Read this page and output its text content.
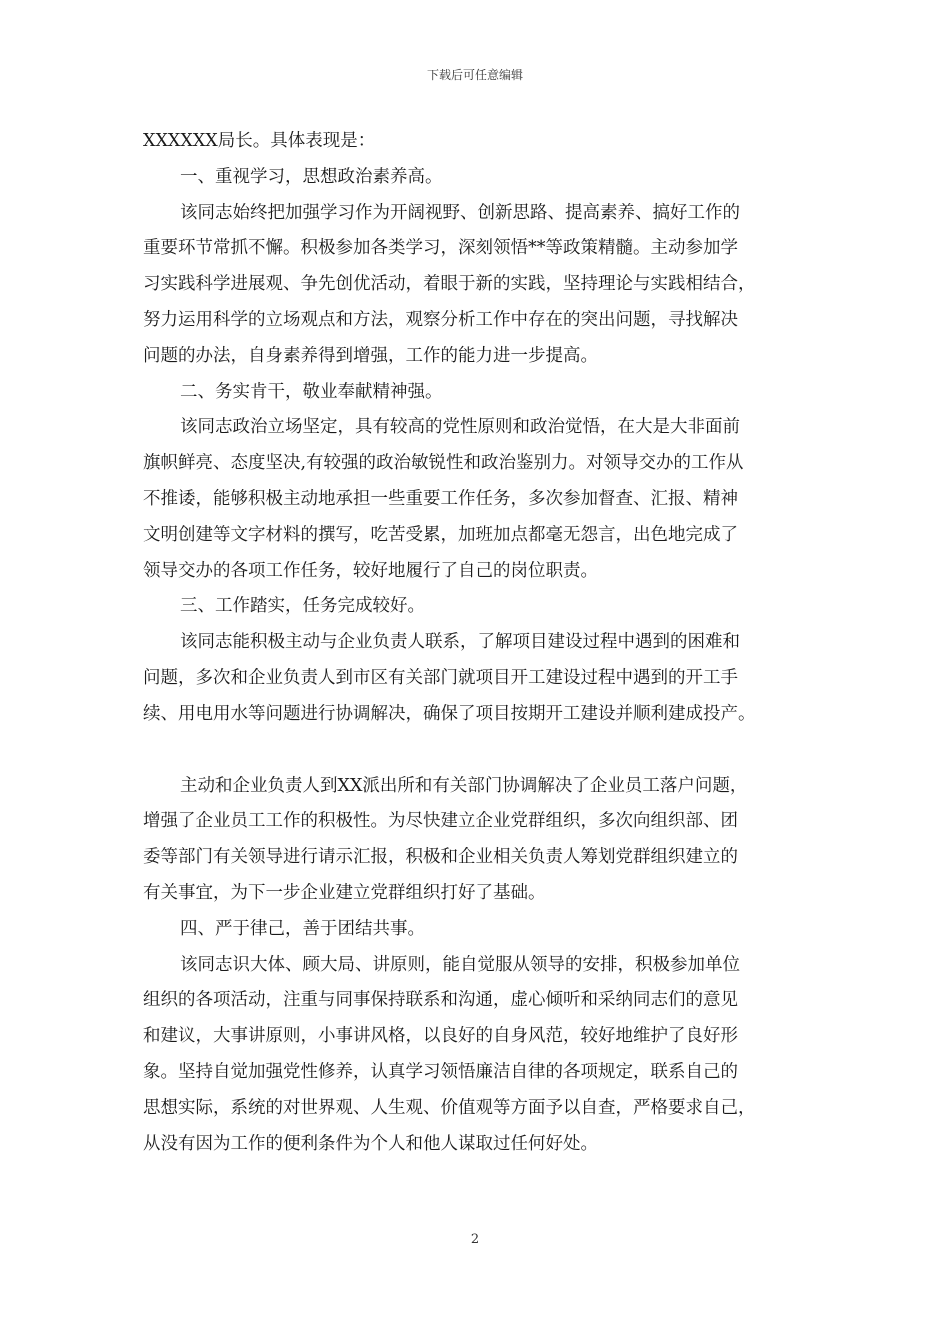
下载后可任意编辑
XXXXXX局长。具体表现是：
一、重视学习，思想政治素养高。
该同志始终把加强学习作为开阔视野、创新思路、提高素养、搞好工作的
重要环节常抓不懈。积极参加各类学习，深刻领悟**等政策精髓。主动参加学
习实践科学进展观、争先创优活动，着眼于新的实践，坚持理论与实践相结合，
努力运用科学的立场观点和方法，观察分析工作中存在的突出问题，寻找解决
问题的办法，自身素养得到增强，工作的能力进一步提高。
二、务实肯干，敬业奉献精神强。
该同志政治立场坚定，具有较高的党性原则和政治觉悟，在大是大非面前
旗帜鲜亮、态度坚决,有较强的政治敏锐性和政治鉴别力。对领导交办的工作从
不推诿，能够积极主动地承担一些重要工作任务，多次参加督查、汇报、精神
文明创建等文字材料的撰写，吃苦受累，加班加点都毫无怨言，出色地完成了
领导交办的各项工作任务，较好地履行了自己的岗位职责。
三、工作踏实，任务完成较好。
该同志能积极主动与企业负责人联系，了解项目建设过程中遇到的困难和
问题，多次和企业负责人到市区有关部门就项目开工建设过程中遇到的开工手
续、用电用水等问题进行协调解决，确保了项目按期开工建设并顺利建成投产。
主动和企业负责人到XX派出所和有关部门协调解决了企业员工落户问题，
增强了企业员工工作的积极性。为尽快建立企业党群组织，多次向组织部、团
委等部门有关领导进行请示汇报，积极和企业相关负责人筹划党群组织建立的
有关事宜，为下一步企业建立党群组织打好了基础。
四、严于律己，善于团结共事。
该同志识大体、顾大局、讲原则，能自觉服从领导的安排，积极参加单位
组织的各项活动，注重与同事保持联系和沟通，虚心倾听和采纳同志们的意见
和建议，大事讲原则，小事讲风格，以良好的自身风范，较好地维护了良好形
象。坚持自觉加强党性修养，认真学习领悟廉洁自律的各项规定，联系自己的
思想实际，系统的对世界观、人生观、价值观等方面予以自查，严格要求自己，
从没有因为工作的便利条件为个人和他人谋取过任何好处。
2
